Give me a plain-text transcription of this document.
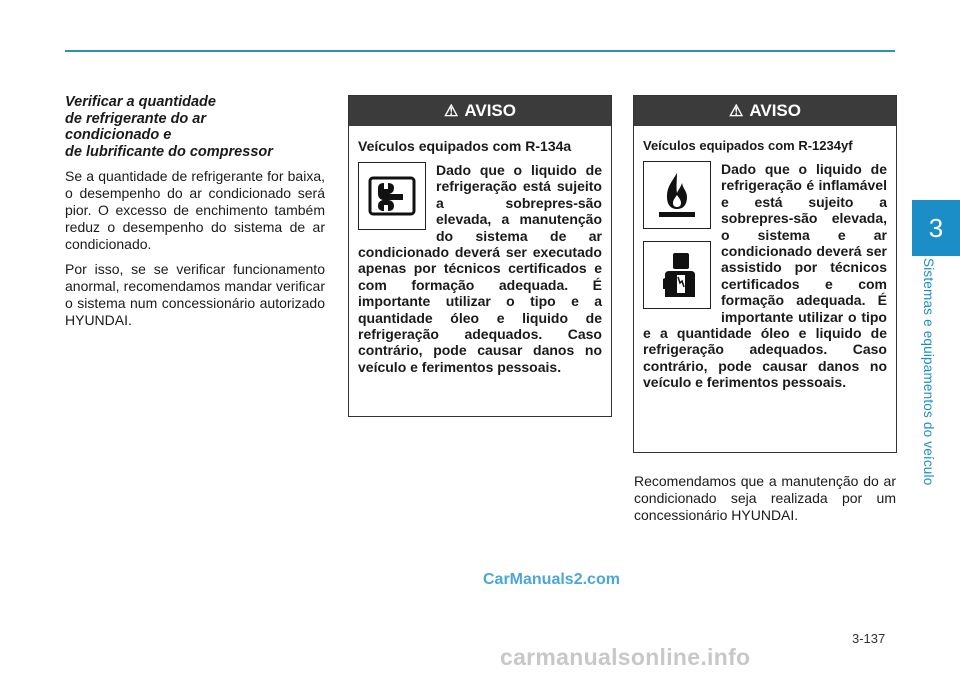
3
Sistemas e equipamentos do veículo
Verificar a quantidade
de refrigerante do ar
condicionado e
de lubrificante do compressor

Se a quantidade de refrigerante for baixa, o desempenho do ar condicionado será pior. O excesso de enchimento também reduz o desempenho do sistema de ar condicionado.

Por isso, se se verificar funcionamento anormal, recomendamos mandar verificar o sistema num concessionário autorizado HYUNDAI.

⚠ AVISO
Veículos equipados com R-134a

Dado que o liquido de refrigeração está sujeito a sobrepres-são elevada, a manutenção do sistema de ar condicionado deverá ser executado apenas por técnicos certificados e com formação adequada. É importante utilizar o tipo e a quantidade óleo e liquido de refrigeração adequados. Caso contrário, pode causar danos no veículo e ferimentos pessoais.

⚠ AVISO
Veículos equipados com R-1234yf

Dado que o liquido de refrigeração é inflamável e está sujeito a sobrepres-são elevada, o sistema e ar condicionado deverá ser assistido por técnicos certificados e com formação adequada. É importante utilizar o tipo e a quantidade óleo e liquido de refrigeração adequados. Caso contrário, pode causar danos no veículo e ferimentos pessoais.

Recomendamos que a manutenção do ar condicionado seja realizada por um concessionário HYUNDAI.
CarManuals2.com
3-137
carmanualsonline.info
